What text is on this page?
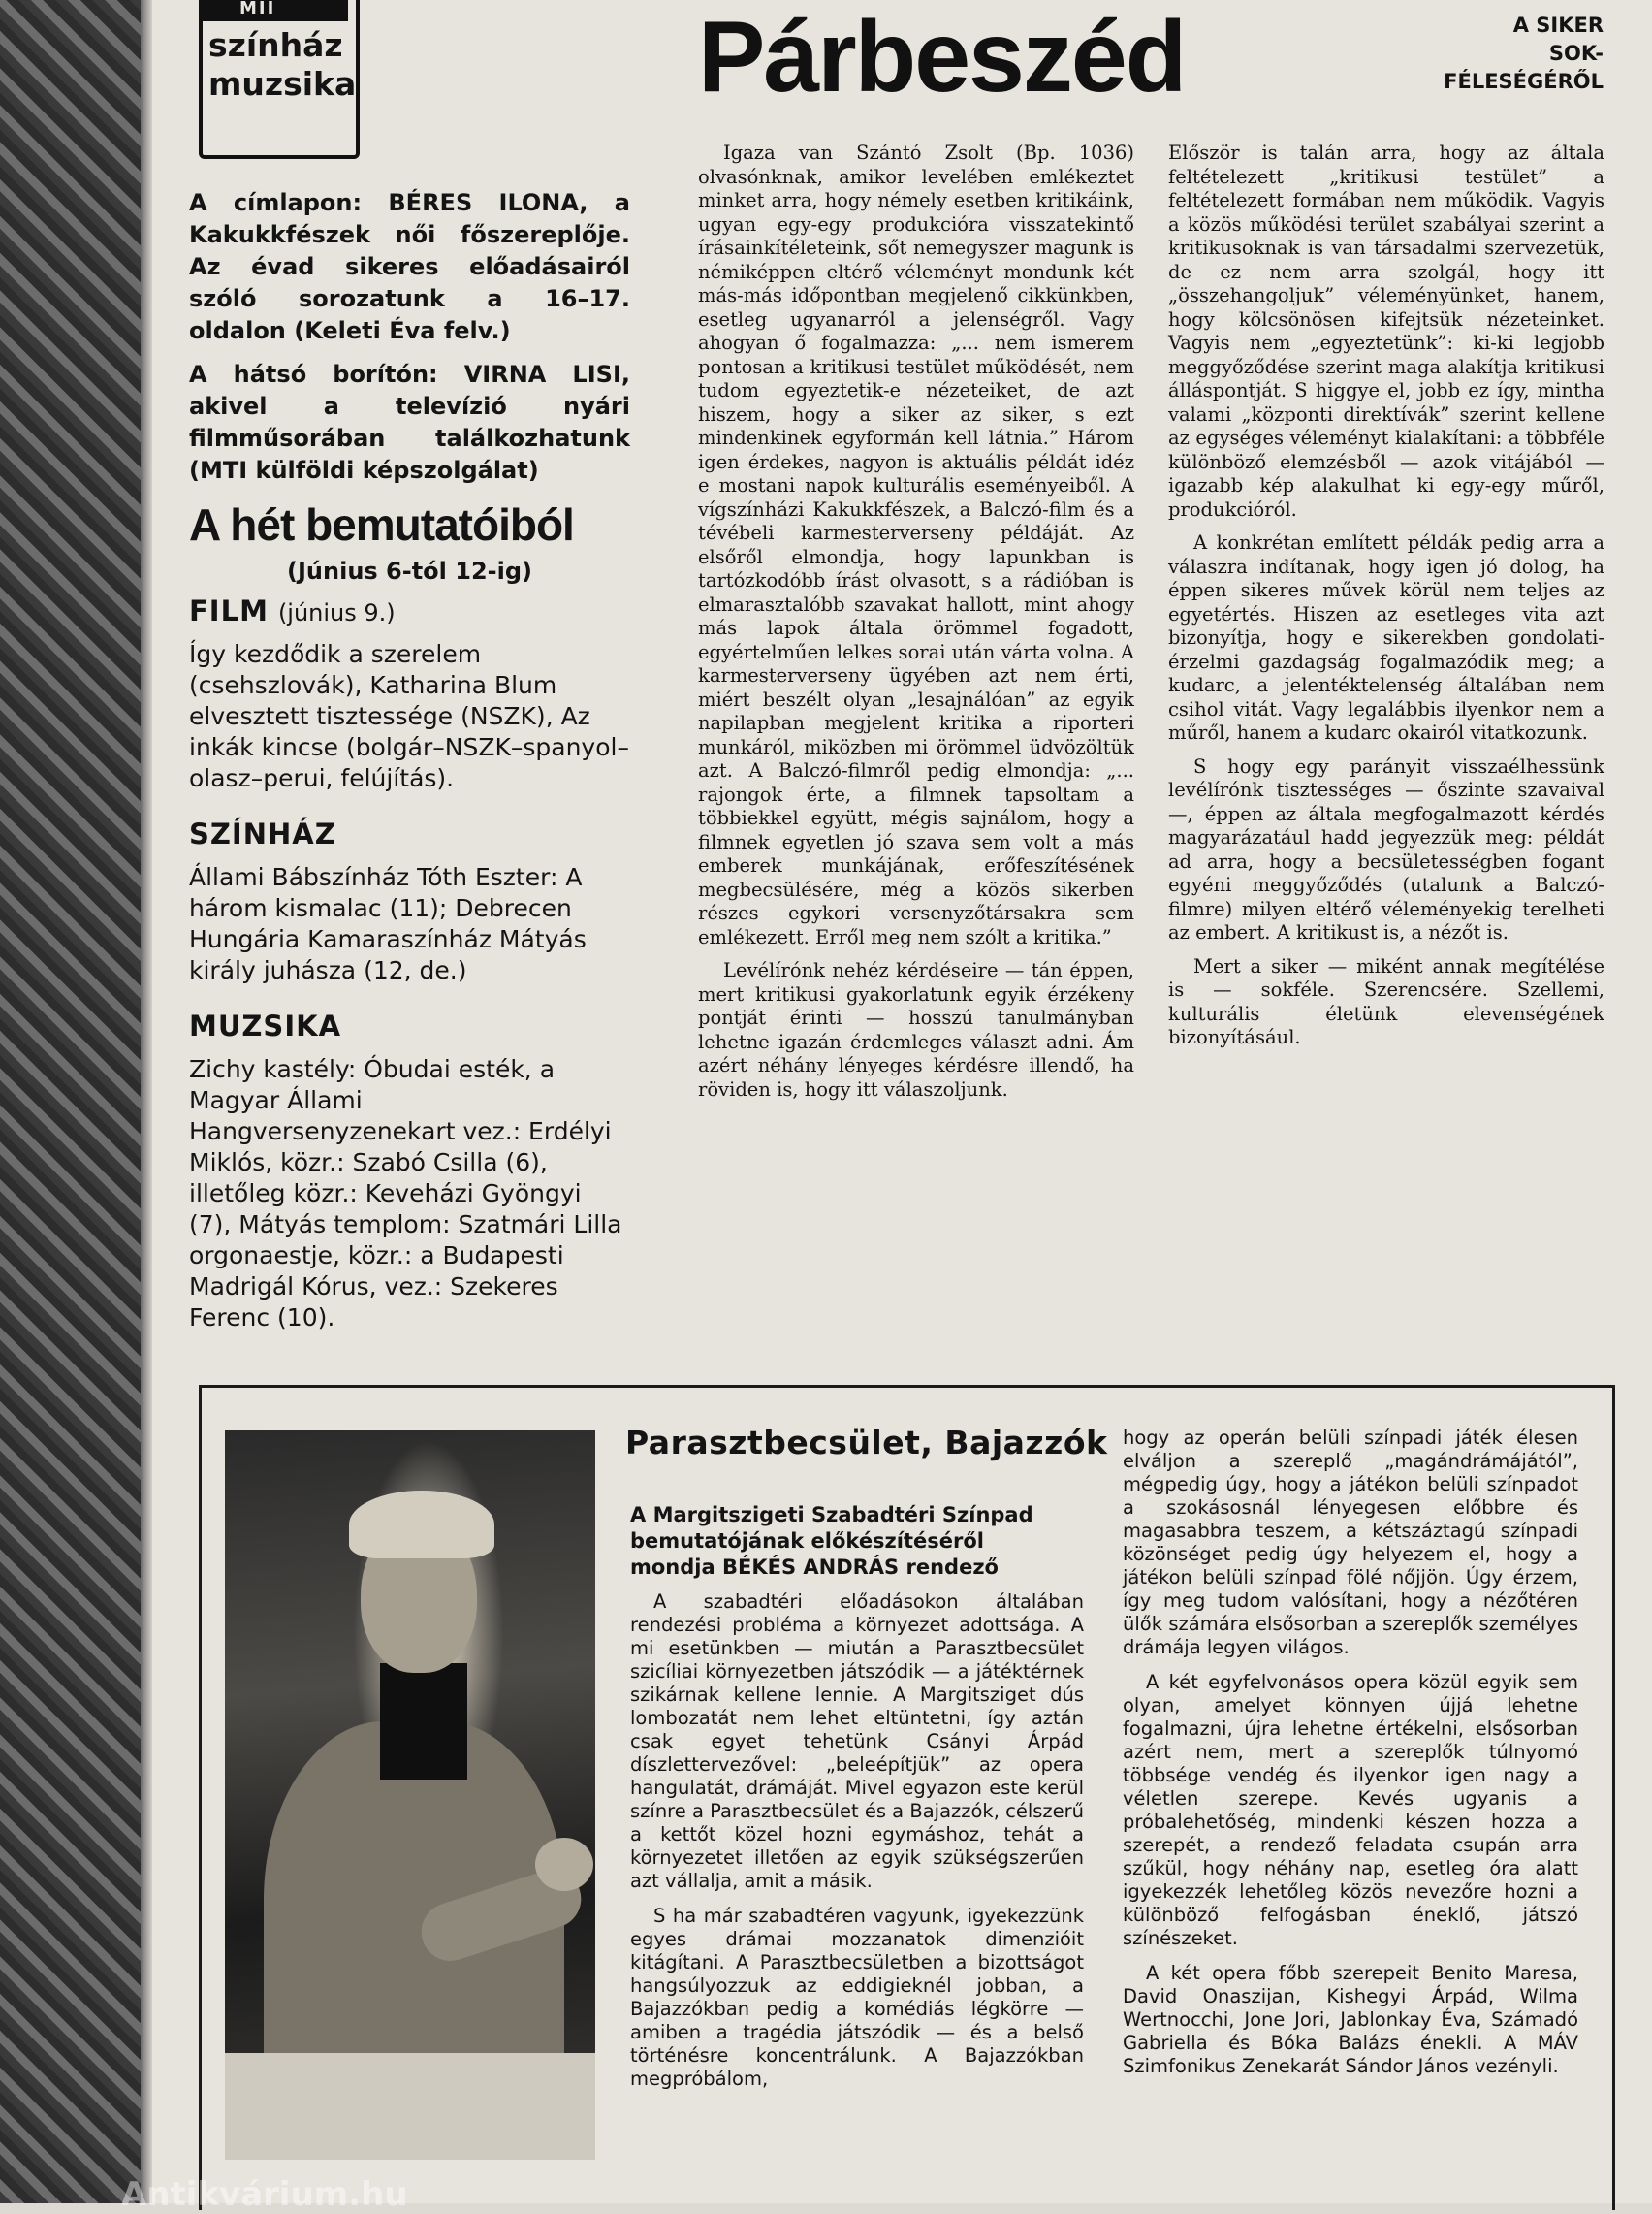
MII
színház
muzsika	Párbeszéd	A SIKER
SOK-
FÉLESÉGÉRŐL

A címlapon: BÉRES ILONA, a Kakukkfészek női főszereplője. Az évad sikeres előadásairól szóló sorozatunk a 16–17. oldalon (Keleti Éva felv.)

A hátsó borítón: VIRNA LISI, akivel a televízió nyári filmműsorában találkozhatunk (MTI külföldi képszolgálat)

A hét bemutatóiból

(Június 6-tól 12-ig)

FILM (június 9.)

Így kezdődik a szerelem (csehszlovák), Katharina Blum elvesztett tisztessége (NSZK), Az inkák kincse (bolgár–NSZK–spanyol–olasz–perui, felújítás).

SZÍNHÁZ

Állami Bábszínház Tóth Eszter: A három kismalac (11); Debrecen Hungária Kamaraszínház Mátyás király juhásza (12, de.)

MUZSIKA

Zichy kastély: Óbudai esték, a Magyar Állami Hangversenyzenekart vez.: Erdélyi Miklós, közr.: Szabó Csilla (6), illetőleg közr.: Keveházi Gyöngyi (7), Mátyás templom: Szatmári Lilla orgonaestje, közr.: a Budapesti Madrigál Kórus, vez.: Szekeres Ferenc (10).

Igaza van Szántó Zsolt (Bp. 1036) olvasónknak, amikor levelében emlékeztet minket arra, hogy némely esetben kritikáink, ugyan egy-egy produkcióra visszatekintő írásainkítéleteink, sőt nemegyszer magunk is némiképpen eltérő véleményt mondunk két más-más időpontban megjelenő cikkünkben, esetleg ugyanarról a jelenségről. Vagy ahogyan ő fogalmazza: „... nem ismerem pontosan a kritikusi testület működését, nem tudom egyeztetik-e nézeteiket, de azt hiszem, hogy a siker az siker, s ezt mindenkinek egyformán kell látnia.” Három igen érdekes, nagyon is aktuális példát idéz e mostani napok kulturális eseményeiből. A vígszínházi Kakukkfészek, a Balczó-film és a tévébeli karmesterverseny példáját. Az elsőről elmondja, hogy lapunkban is tartózkodóbb írást olvasott, s a rádióban is elmarasztalóbb szavakat hallott, mint ahogy más lapok általa örömmel fogadott, egyértelműen lelkes sorai után várta volna. A karmesterverseny ügyében azt nem érti, miért beszélt olyan „lesajnálóan” az egyik napilapban megjelent kritika a riporteri munkáról, miközben mi örömmel üdvözöltük azt. A Balczó-filmről pedig elmondja: „... rajongok érte, a filmnek tapsoltam a többiekkel együtt, mégis sajnálom, hogy a filmnek egyetlen jó szava sem volt a más emberek munkájának, erőfeszítésének megbecsülésére, még a közös sikerben részes egykori versenyzőtársakra sem emlékezett. Erről meg nem szólt a kritika.”

Levélírónk nehéz kérdéseire — tán éppen, mert kritikusi gyakorlatunk egyik érzékeny pontját érinti — hosszú tanulmányban lehetne igazán érdemleges választ adni. Ám azért néhány lényeges kérdésre illendő, ha röviden is, hogy itt válaszoljunk.

Először is talán arra, hogy az általa feltételezett „kritikusi testület” a feltételezett formában nem működik. Vagyis a közös működési terület szabályai szerint a kritikusoknak is van társadalmi szervezetük, de ez nem arra szolgál, hogy itt „összehangoljuk” véleményünket, hanem, hogy kölcsönösen kifejtsük nézeteinket. Vagyis nem „egyeztetünk”: ki-ki legjobb meggyőződése szerint maga alakítja kritikusi álláspontját. S higgye el, jobb ez így, mintha valami „központi direktívák” szerint kellene az egységes véleményt kialakítani: a többféle különböző elemzésből — azok vitájából — igazabb kép alakulhat ki egy-egy műről, produkcióról.

A konkrétan említett példák pedig arra a válaszra indítanak, hogy igen jó dolog, ha éppen sikeres művek körül nem teljes az egyetértés. Hiszen az esetleges vita azt bizonyítja, hogy e sikerekben gondolati-érzelmi gazdagság fogalmazódik meg; a kudarc, a jelentéktelenség általában nem csihol vitát. Vagy legalábbis ilyenkor nem a műről, hanem a kudarc okairól vitatkozunk.

S hogy egy parányit visszaélhessünk levélírónk tisztességes — őszinte szavaival —, éppen az általa megfogalmazott kérdés magyarázatául hadd jegyezzük meg: példát ad arra, hogy a becsületességben fogant egyéni meggyőződés (utalunk a Balczó-filmre) milyen eltérő véleményekig terelheti az embert. A kritikust is, a nézőt is.

Mert a siker — miként annak megítélése is — sokféle. Szerencsére. Szellemi, kulturális életünk elevenségének bizonyításául.

Parasztbecsület, Bajazzók

A Margitszigeti Szabadtéri Színpad bemutatójának előkészítéséről mondja BÉKÉS ANDRÁS rendező

A szabadtéri előadásokon általában rendezési probléma a környezet adottsága. A mi esetünkben — miután a Parasztbecsület szicíliai környezetben játszódik — a játéktérnek szikárnak kellene lennie. A Margitsziget dús lombozatát nem lehet eltüntetni, így aztán csak egyet tehetünk Csányi Árpád díszlettervezővel: „beleépítjük” az opera hangulatát, drámáját. Mivel egyazon este kerül színre a Parasztbecsület és a Bajazzók, célszerű a kettőt közel hozni egymáshoz, tehát a környezetet illetően az egyik szükségszerűen azt vállalja, amit a másik.

S ha már szabadtéren vagyunk, igyekezzünk egyes drámai mozzanatok dimenzióit kitágítani. A Parasztbecsületben a bizottságot hangsúlyozzuk az eddigieknél jobban, a Bajazzókban pedig a komédiás légkörre — amiben a tragédia játszódik — és a belső történésre koncentrálunk. A Bajazzókban megpróbálom,

hogy az operán belüli színpadi játék élesen elváljon a szereplő „magándrámájától”, mégpedig úgy, hogy a játékon belüli színpadot a szokásosnál lényegesen előbbre és magasabbra teszem, a kétszáztagú színpadi közönséget pedig úgy helyezem el, hogy a játékon belüli színpad fölé nőjjön. Úgy érzem, így meg tudom valósítani, hogy a nézőtéren ülők számára elsősorban a szereplők személyes drámája legyen világos.

A két egyfelvonásos opera közül egyik sem olyan, amelyet könnyen újjá lehetne fogalmazni, újra lehetne értékelni, elsősorban azért nem, mert a szereplők túlnyomó többsége vendég és ilyenkor igen nagy a véletlen szerepe. Kevés ugyanis a próbalehetőség, mindenki készen hozza a szerepét, a rendező feladata csupán arra szűkül, hogy néhány nap, esetleg óra alatt igyekezzék lehetőleg közös nevezőre hozni a különböző felfogásban éneklő, játszó színészeket.

A két opera főbb szerepeit Benito Maresa, David Onaszijan, Kishegyi Árpád, Wilma Wertnocchi, Jone Jori, Jablonkay Éva, Számadó Gabriella és Bóka Balázs énekli. A MÁV Szimfonikus Zenekarát Sándor János vezényli.

Antikvárium.hu
